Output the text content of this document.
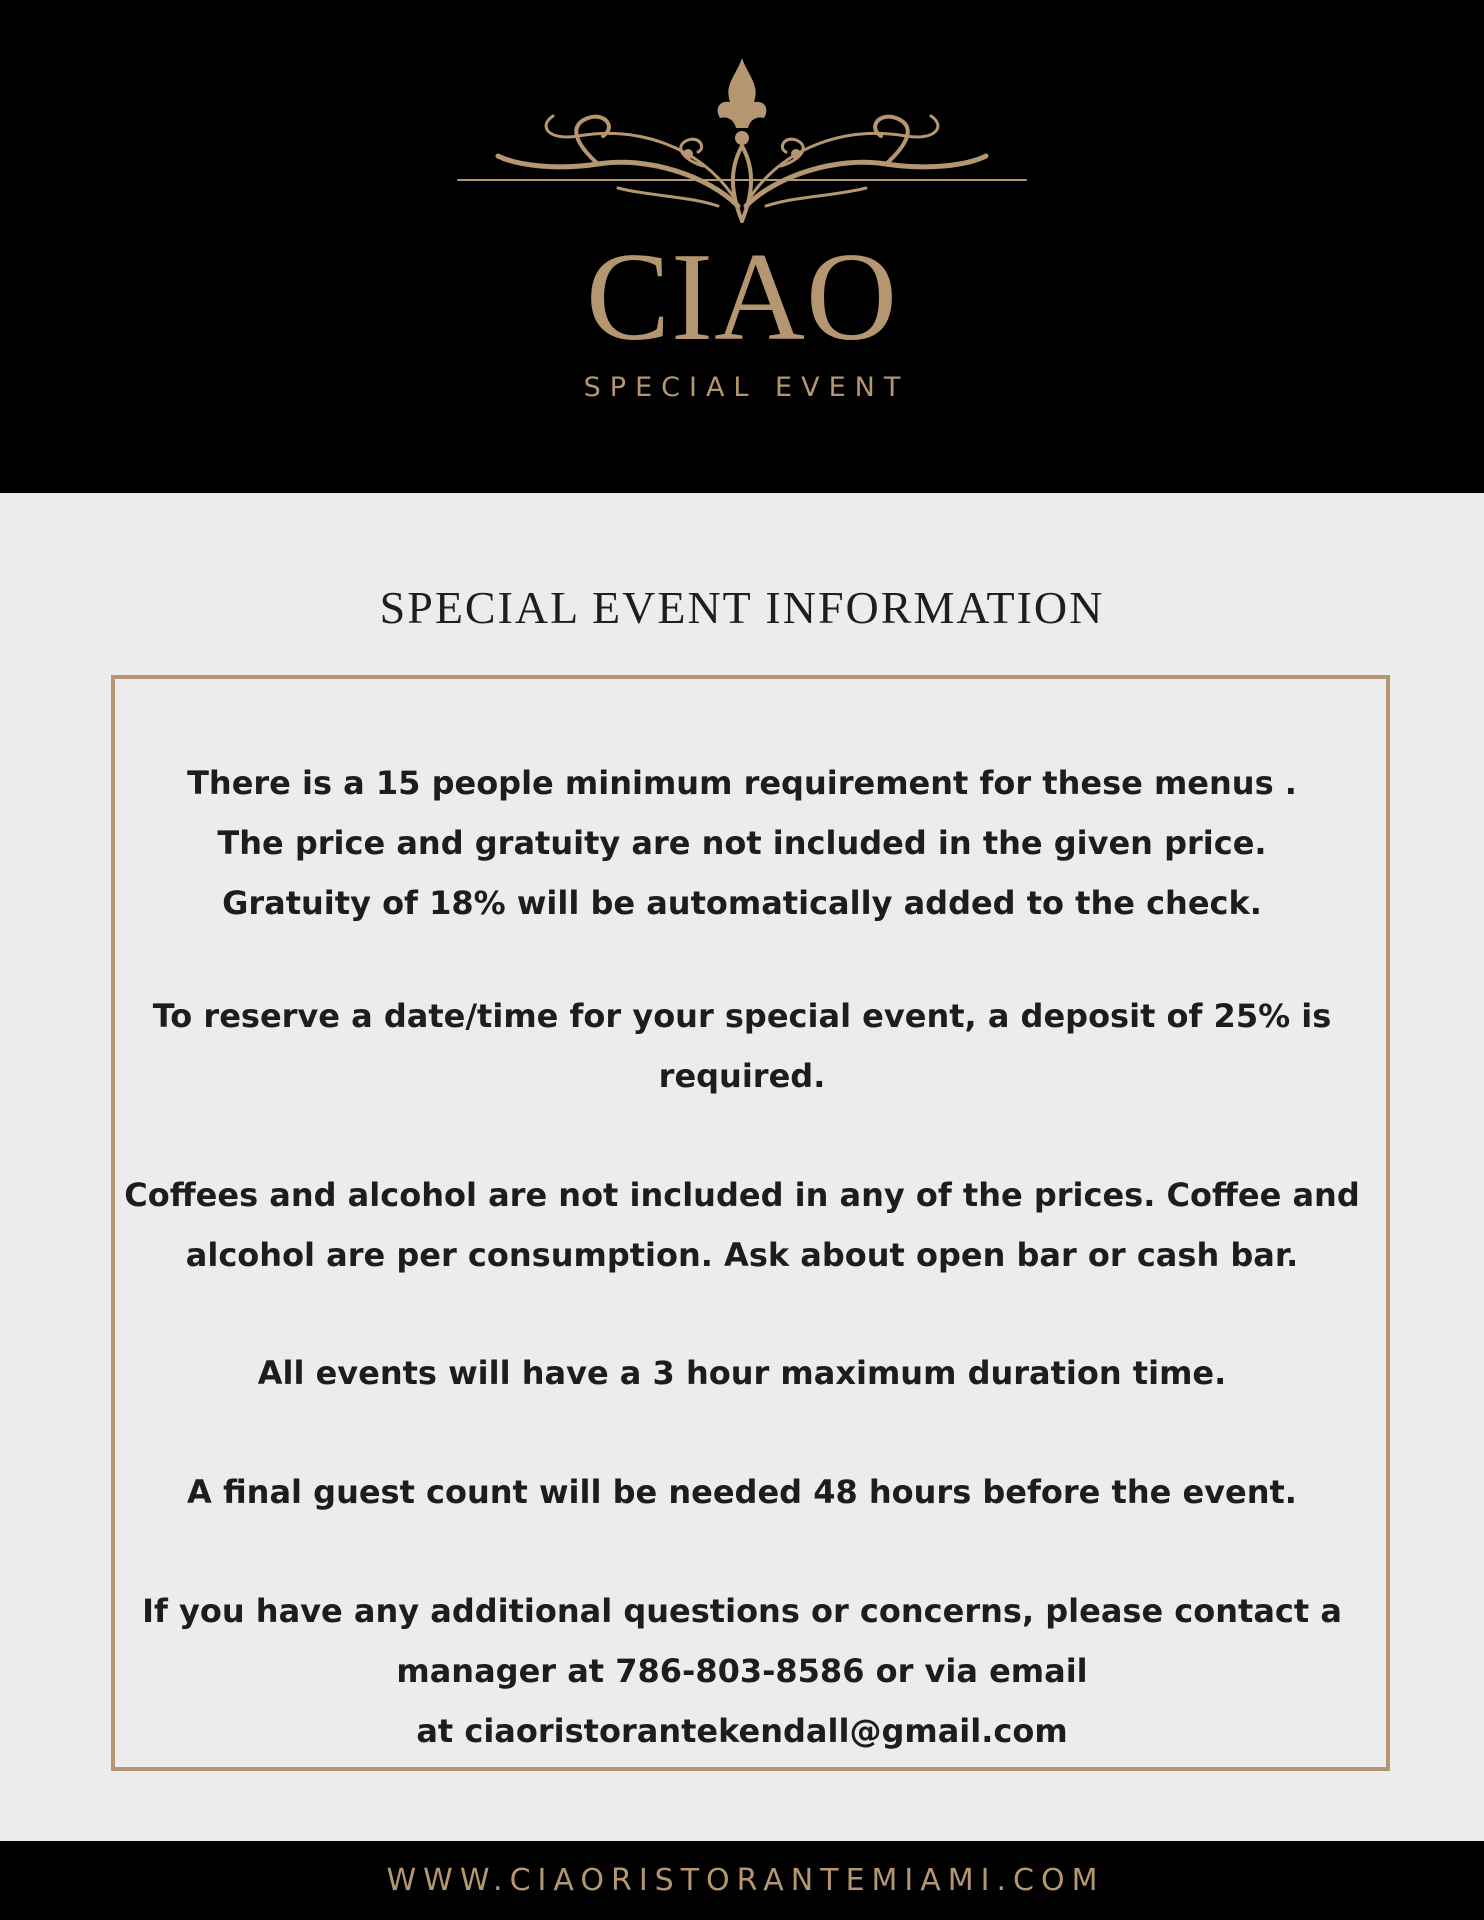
CIAO
SPECIAL EVENT
SPECIAL EVENT INFORMATION
There is a 15 people minimum requirement for these menus .
The price and gratuity are not included in the given price.
Gratuity of 18% will be automatically added to the check.
To reserve a date/time for your special event, a deposit of 25% is
required.
Coffees and alcohol are not included in any of the prices. Coffee and
alcohol are per consumption. Ask about open bar or cash bar.
All events will have a 3 hour maximum duration time.
A final guest count will be needed 48 hours before the event.
If you have any additional questions or concerns, please contact a
manager at 786-803-8586 or via email
at ciaoristorantekendall@gmail.com
WWW.CIAORISTORANTEMIAMI.COM
